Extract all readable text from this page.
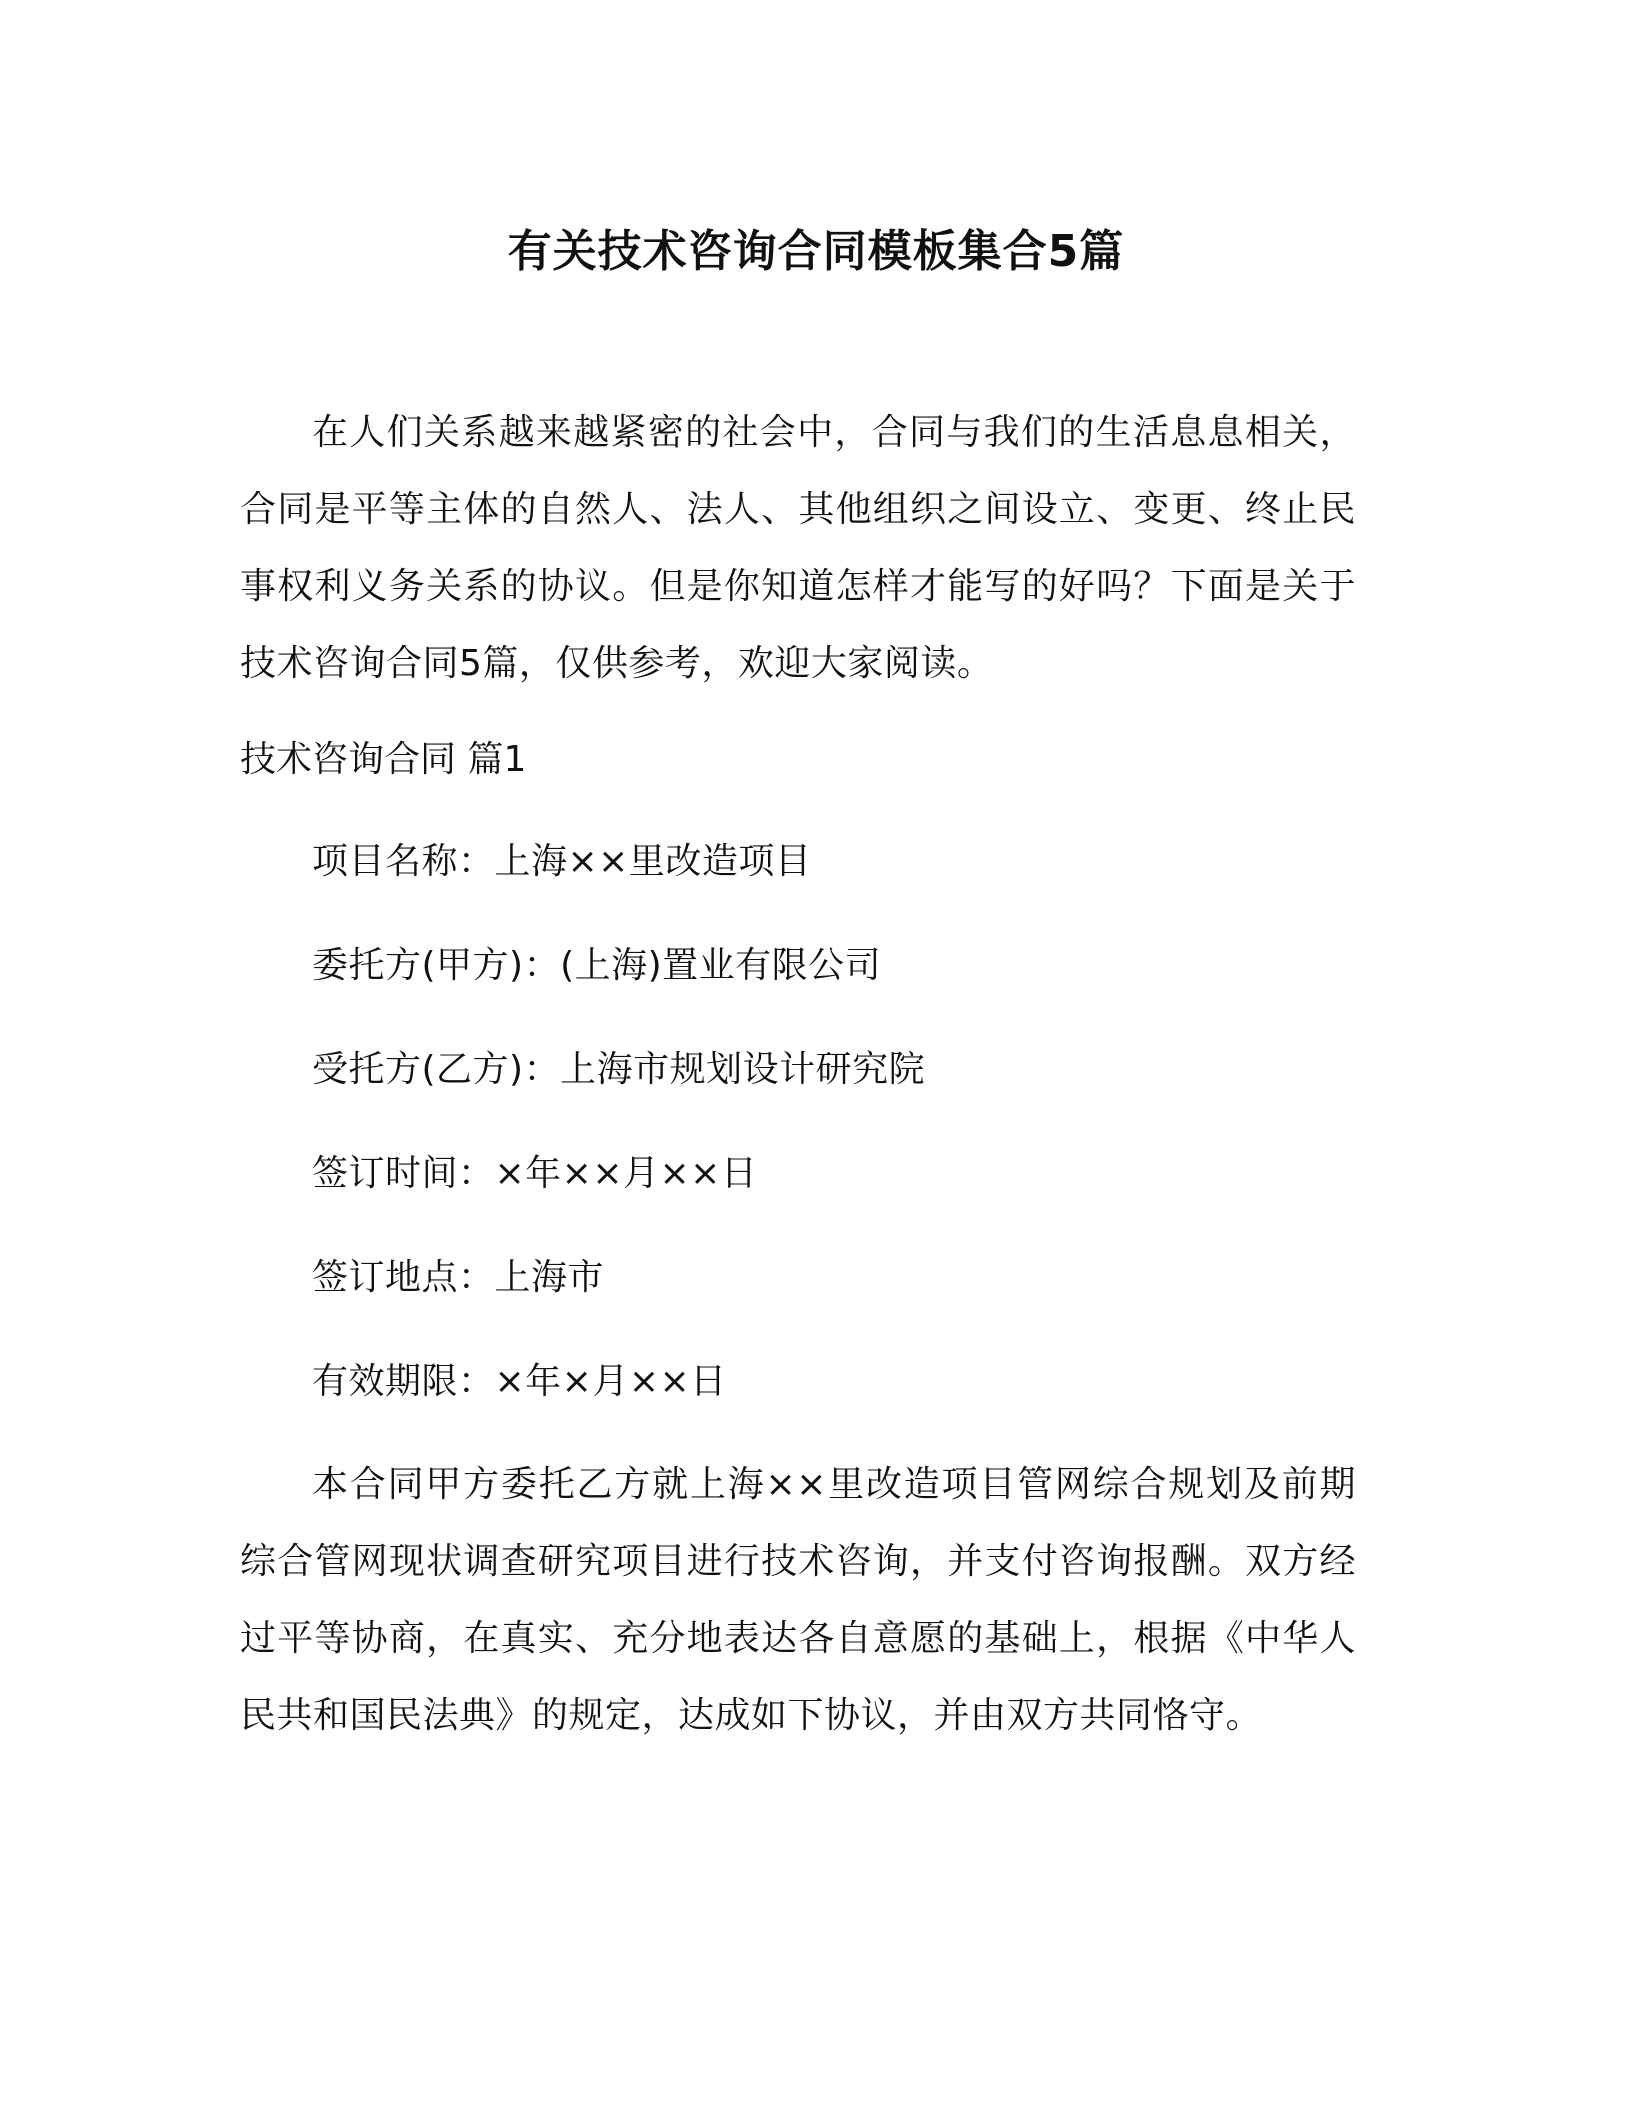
有关技术咨询合同模板集合5篇

在人们关系越来越紧密的社会中，合同与我们的生活息息相关，合同是平等主体的自然人、法人、其他组织之间设立、变更、终止民事权利义务关系的协议。但是你知道怎样才能写的好吗？下面是关于技术咨询合同5篇，仅供参考，欢迎大家阅读。

技术咨询合同 篇1
项目名称：上海××里改造项目
委托方(甲方)：(上海)置业有限公司
受托方(乙方)：上海市规划设计研究院
签订时间：×年××月××日
签订地点：上海市
有效期限：×年×月××日

本合同甲方委托乙方就上海××里改造项目管网综合规划及前期综合管网现状调查研究项目进行技术咨询，并支付咨询报酬。双方经过平等协商，在真实、充分地表达各自意愿的基础上，根据《中华人民共和国民法典》的规定，达成如下协议，并由双方共同恪守。
